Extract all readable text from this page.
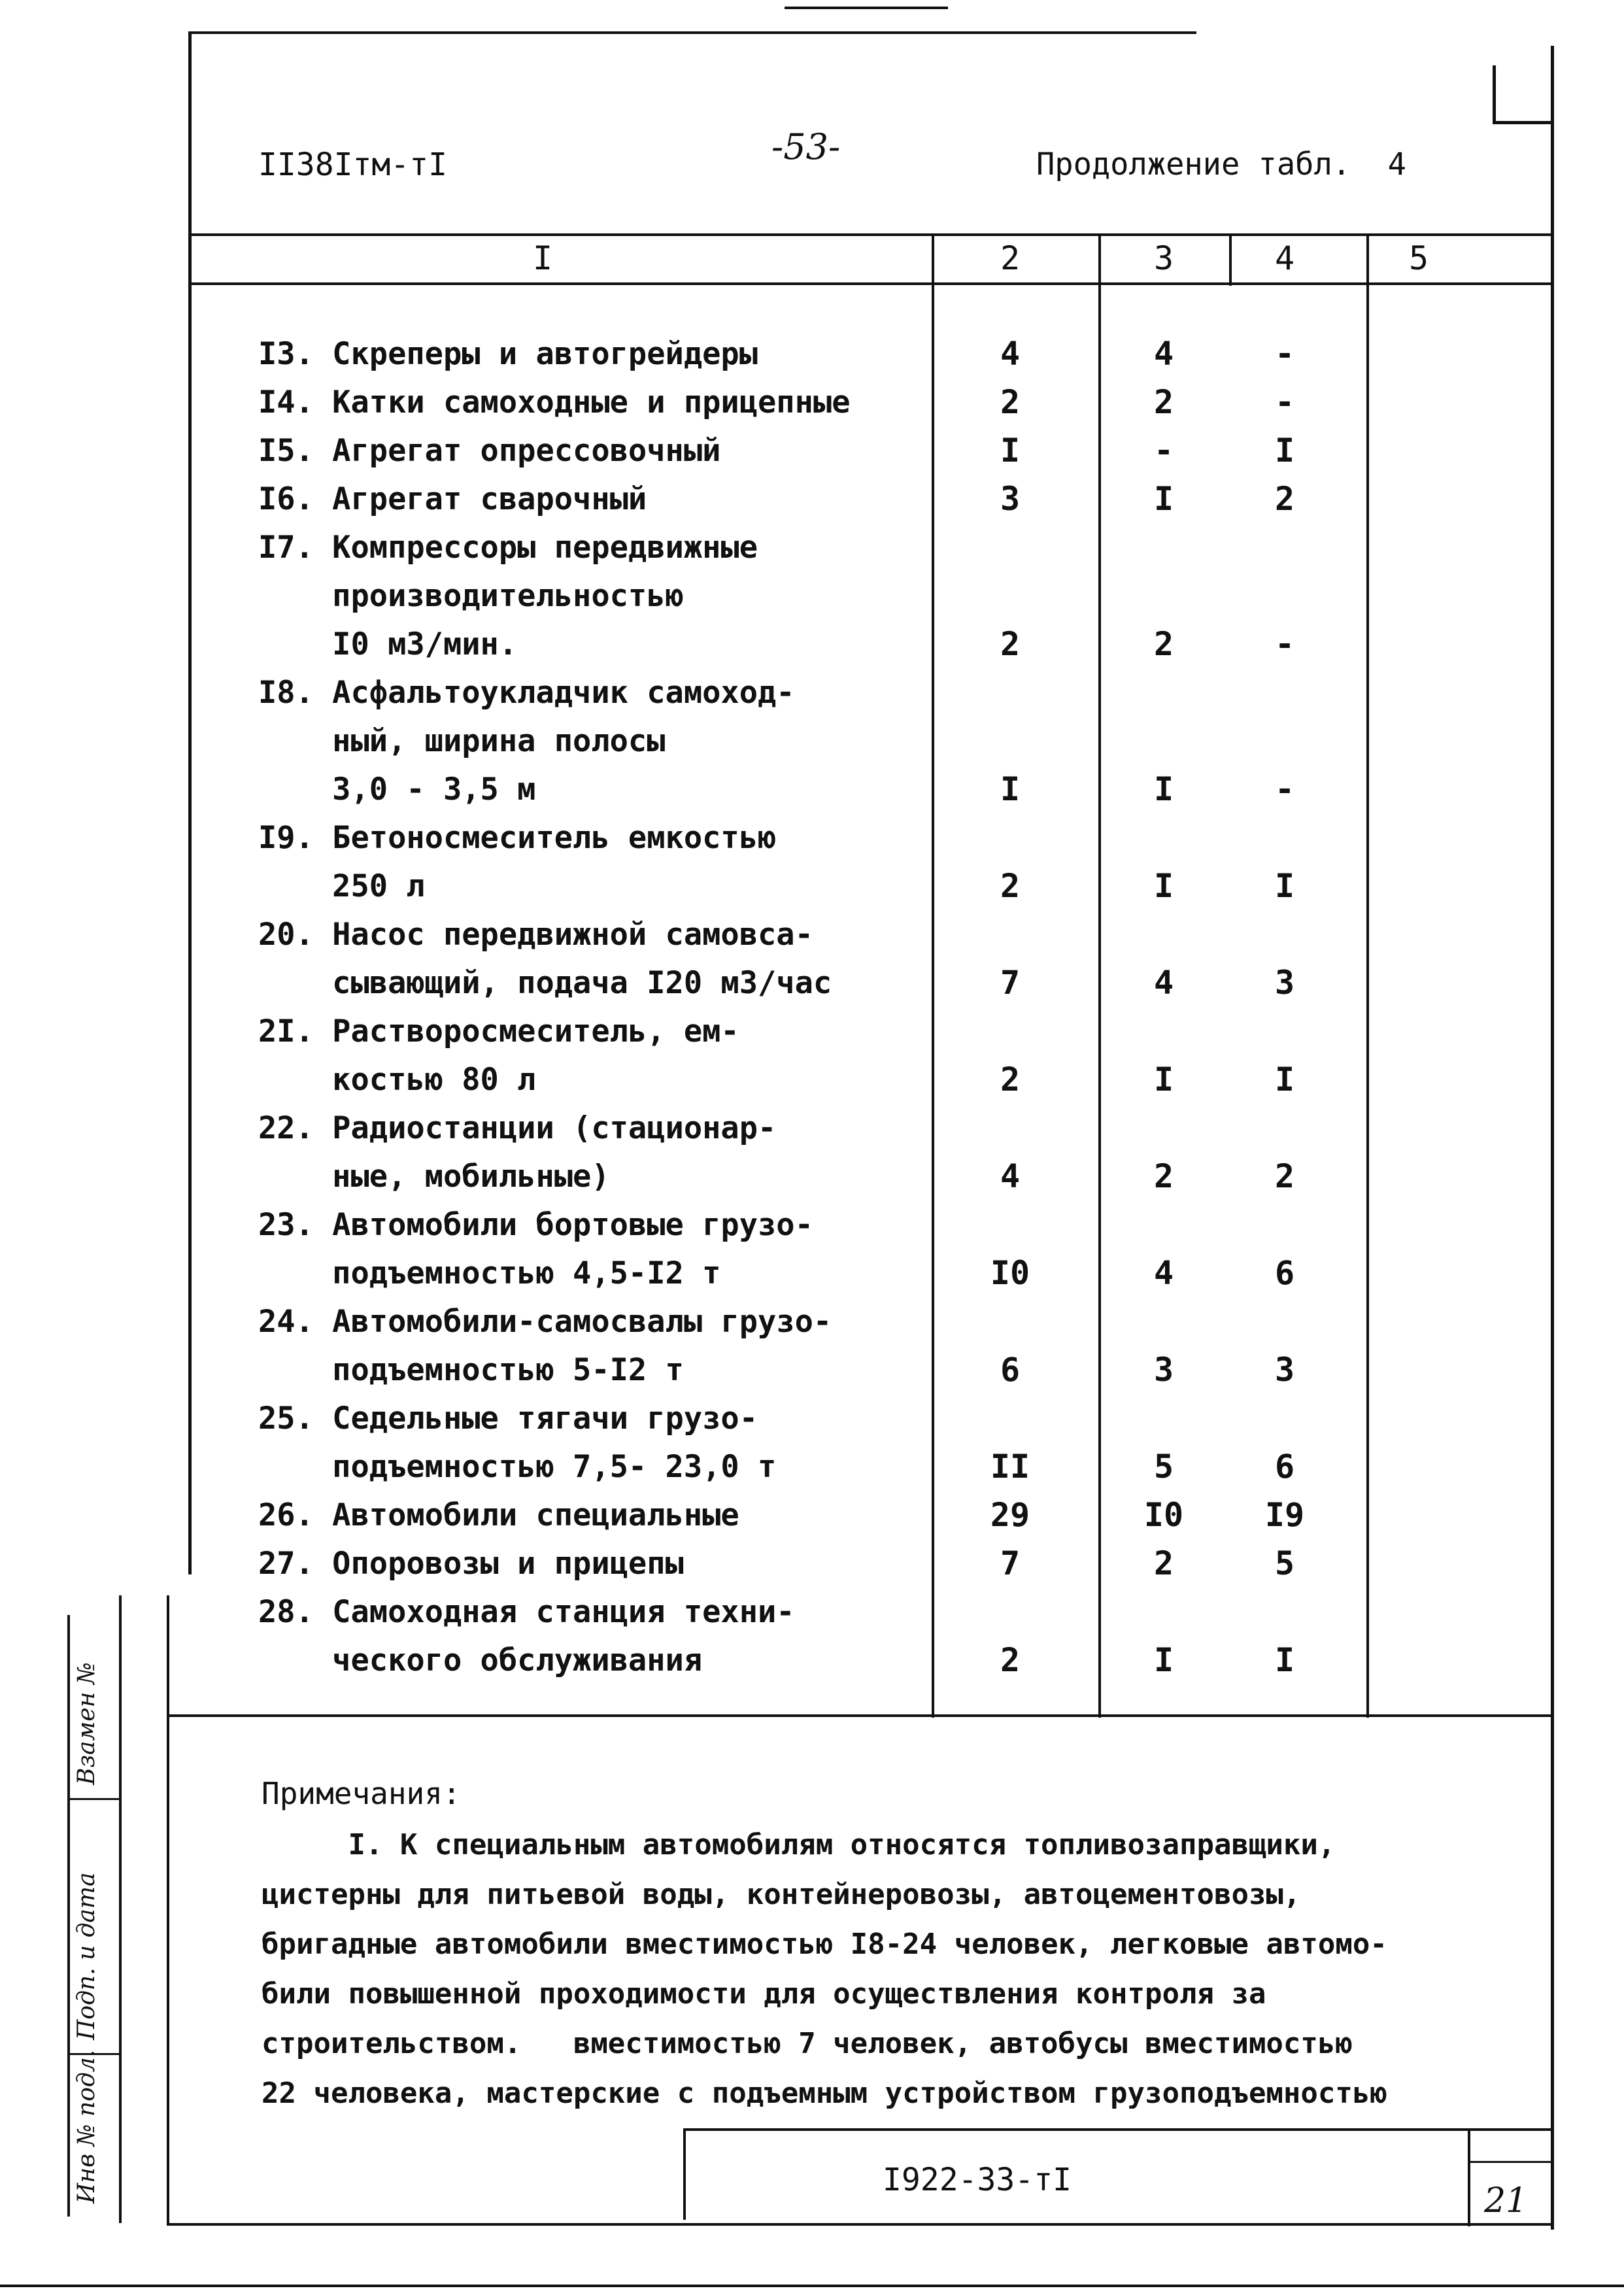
II38Iтм-тI	-53-	Продолжение табл.  4
I	2	3	4	5
I3. Скреперы и автогрейдеры	4	4	-
I4. Катки самоходные и прицепные	2	2	-
I5. Агрегат опрессовочный	I	-	I
I6. Агрегат сварочный	3	I	2
I7. Компрессоры передвижные
производительностью
I0 м3/мин.	2	2	-
I8. Асфальтоукладчик самоход-
ный, ширина полосы
3,0 - 3,5 м	I	I	-
I9. Бетоносмеситель емкостью
250 л	2	I	I
20. Насос передвижной самовса-
сывающий, подача I20 м3/час	7	4	3
2I. Растворосмеситель, ем-
костью 80 л	2	I	I
22. Радиостанции (стационар-
ные, мобильные)	4	2	2
23. Автомобили бортовые грузо-
подъемностью 4,5-I2 т	I0	4	6
24. Автомобили-самосвалы грузо-
подъемностью 5-I2 т	6	3	3
25. Седельные тягачи грузо-
подъемностью 7,5- 23,0 т	II	5	6
26. Автомобили специальные	29	I0	I9
27. Опоровозы и прицепы	7	2	5
28. Самоходная станция техни-
ческого обслуживания	2	I	I
Примечания:
I. К специальным автомобилям относятся топливозаправщики,
цистерны для питьевой воды, контейнеровозы, автоцементовозы,
бригадные автомобили вместимостью I8-24 человек, легковые автомо-
били повышенной проходимости для осуществления контроля за
строительством.   вместимостью 7 человек, автобусы вместимостью
22 человека, мастерские с подъемным устройством грузоподъемностью
Инв № подл.
Подп. и дата
Взамен №
I922-33-тI
21
